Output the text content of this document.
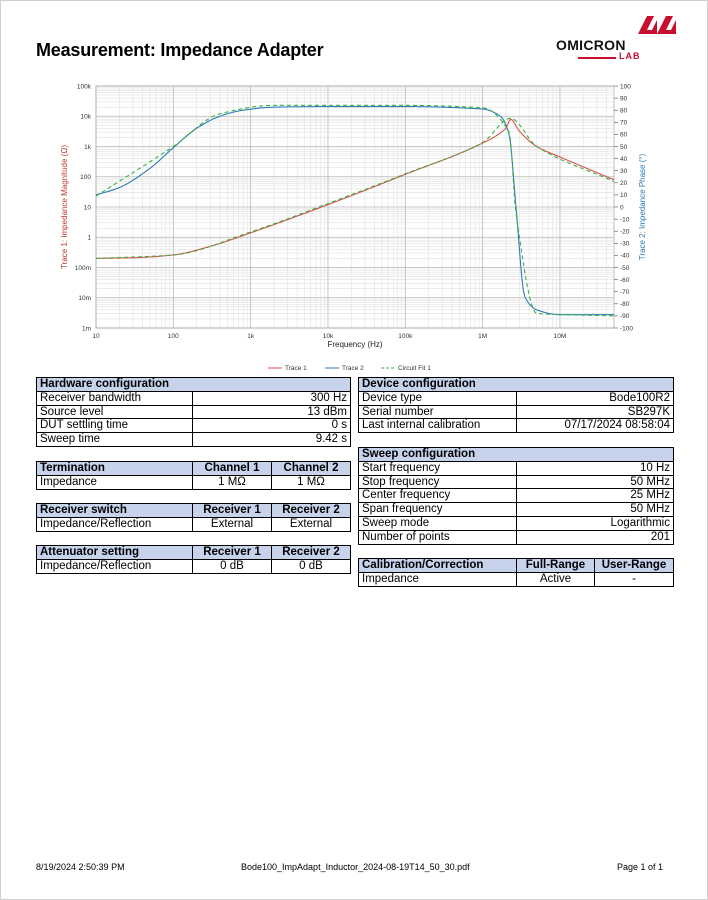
Measurement: Impedance Adapter	OMICRON
LAB
10	100	1k	10k	100k	1M	10M
1m
10m
100m
1
10
100
1k
10k
100k
-100
-90
-80
-70
-60
-50
-40
-30
-20
-10
0
10
20
30
40
50
60
70
80
90
100
Frequency (Hz)
Trace 1: Impedance Magnitude (Ω)	Trace 2: Impedance Phase (°)
Trace 1	Trace 2	Circuit Fit 1
Hardware configuration	
Receiver bandwidth	300 Hz
Source level	13 dBm
DUT settling time	0 s
Sweep time	9.42 s
Termination	Channel 1	Channel 2
Impedance	1 MΩ	1 MΩ
Receiver switch	Receiver 1	Receiver 2
Impedance/Reflection	External	External
Attenuator setting	Receiver 1	Receiver 2
Impedance/Reflection	0 dB	0 dB
Device configuration	
Device type	Bode100R2
Serial number	SB297K
Last internal calibration	07/17/2024 08:58:04
Sweep configuration	
Start frequency	10 Hz
Stop frequency	50 MHz
Center frequency	25 MHz
Span frequency	50 MHz
Sweep mode	Logarithmic
Number of points	201
Calibration/Correction	Full-Range	User-Range
Impedance	Active	-
8/19/2024 2:50:39 PM	Bode100_ImpAdapt_Inductor_2024-08-19T14_50_30.pdf	Page 1 of 1
